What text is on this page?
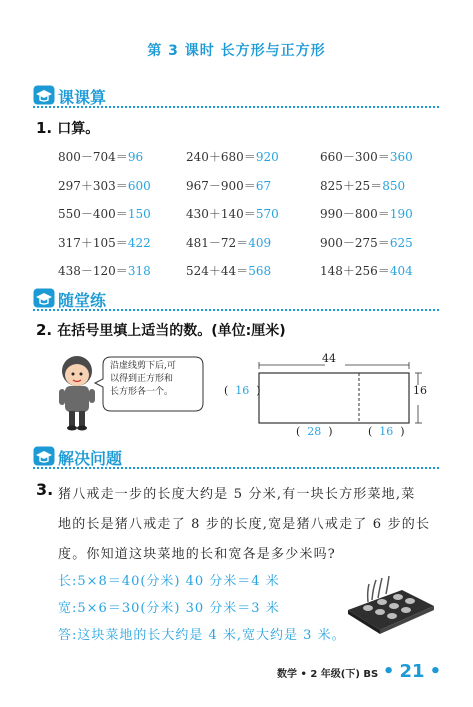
第 3 课时 长方形与正方形
课课算
1. 口算。
800－704＝96	240＋680＝920	660－300＝360
297＋303＝600	967－900＝67	825＋25＝850
550－400＝150	430＋140＝570	990－800＝190
317＋105＝422	481－72＝409	900－275＝625
438－120＝318	524＋44＝568	148＋256＝404
随堂练
2. 在括号里填上适当的数。(单位:厘米)
沿虚线剪下后,可
以得到正方形和
长方形各一个。
44
16
( 16 )
( 28 )	( 16 )
解决问题
3. 猪八戒走一步的长度大约是 5 分米,有一块长方形菜地,菜
地的长是猪八戒走了 8 步的长度,宽是猪八戒走了 6 步的长
度。你知道这块菜地的长和宽各是多少米吗?
长:5×8＝40(分米) 40 分米＝4 米
宽:5×6＝30(分米) 30 分米＝3 米
答:这块菜地的长大约是 4 米,宽大约是 3 米。
数学 • 2 年级(下) BS • 21 •
